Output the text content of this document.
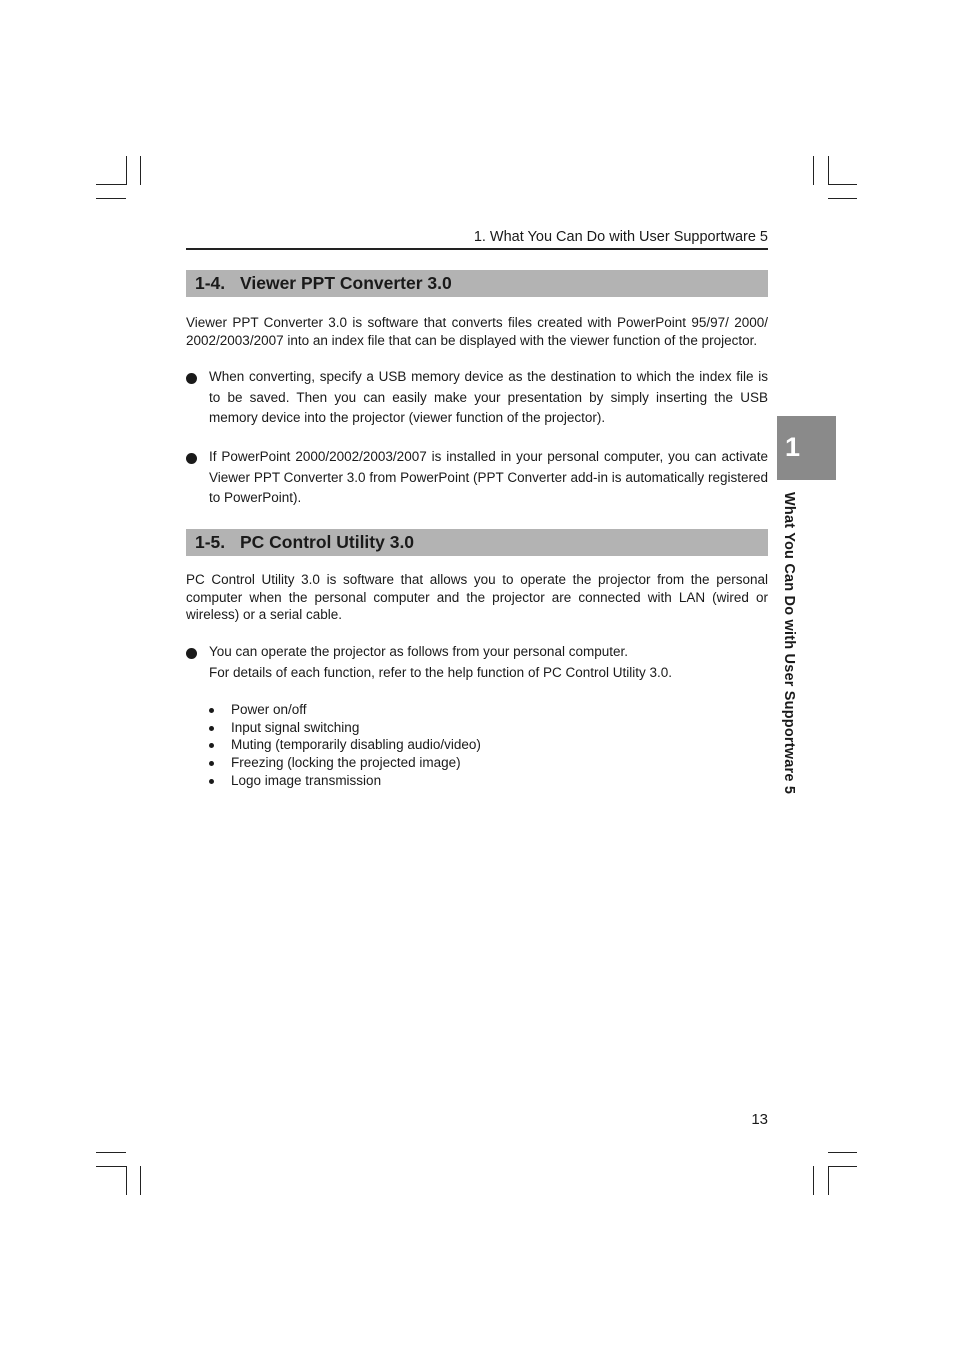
1. What You Can Do with User Supportware 5
1-4. Viewer PPT Converter 3.0
Viewer PPT Converter 3.0 is software that converts files created with PowerPoint 95/97/ 2000/ 2002/2003/2007 into an index file that can be displayed with the viewer function of the projector.
When converting, specify a USB memory device as the destination to which the index file is to be saved. Then you can easily make your presentation by simply inserting the USB memory device into the projector (viewer function of the projector).
If PowerPoint 2000/2002/2003/2007 is installed in your personal computer, you can activate Viewer PPT Converter 3.0 from PowerPoint (PPT Converter add-in is automatically registered to PowerPoint).
1-5. PC Control Utility 3.0
PC Control Utility 3.0 is software that allows you to operate the projector from the personal computer when the personal computer and the projector are connected with LAN (wired or wireless) or a serial cable.
You can operate the projector as follows from your personal computer.
For details of each function, refer to the help function of PC Control Utility 3.0.
Power on/off
Input signal switching
Muting (temporarily disabling audio/video)
Freezing (locking the projected image)
Logo image transmission
1
What You Can Do with User Supportware 5
13
